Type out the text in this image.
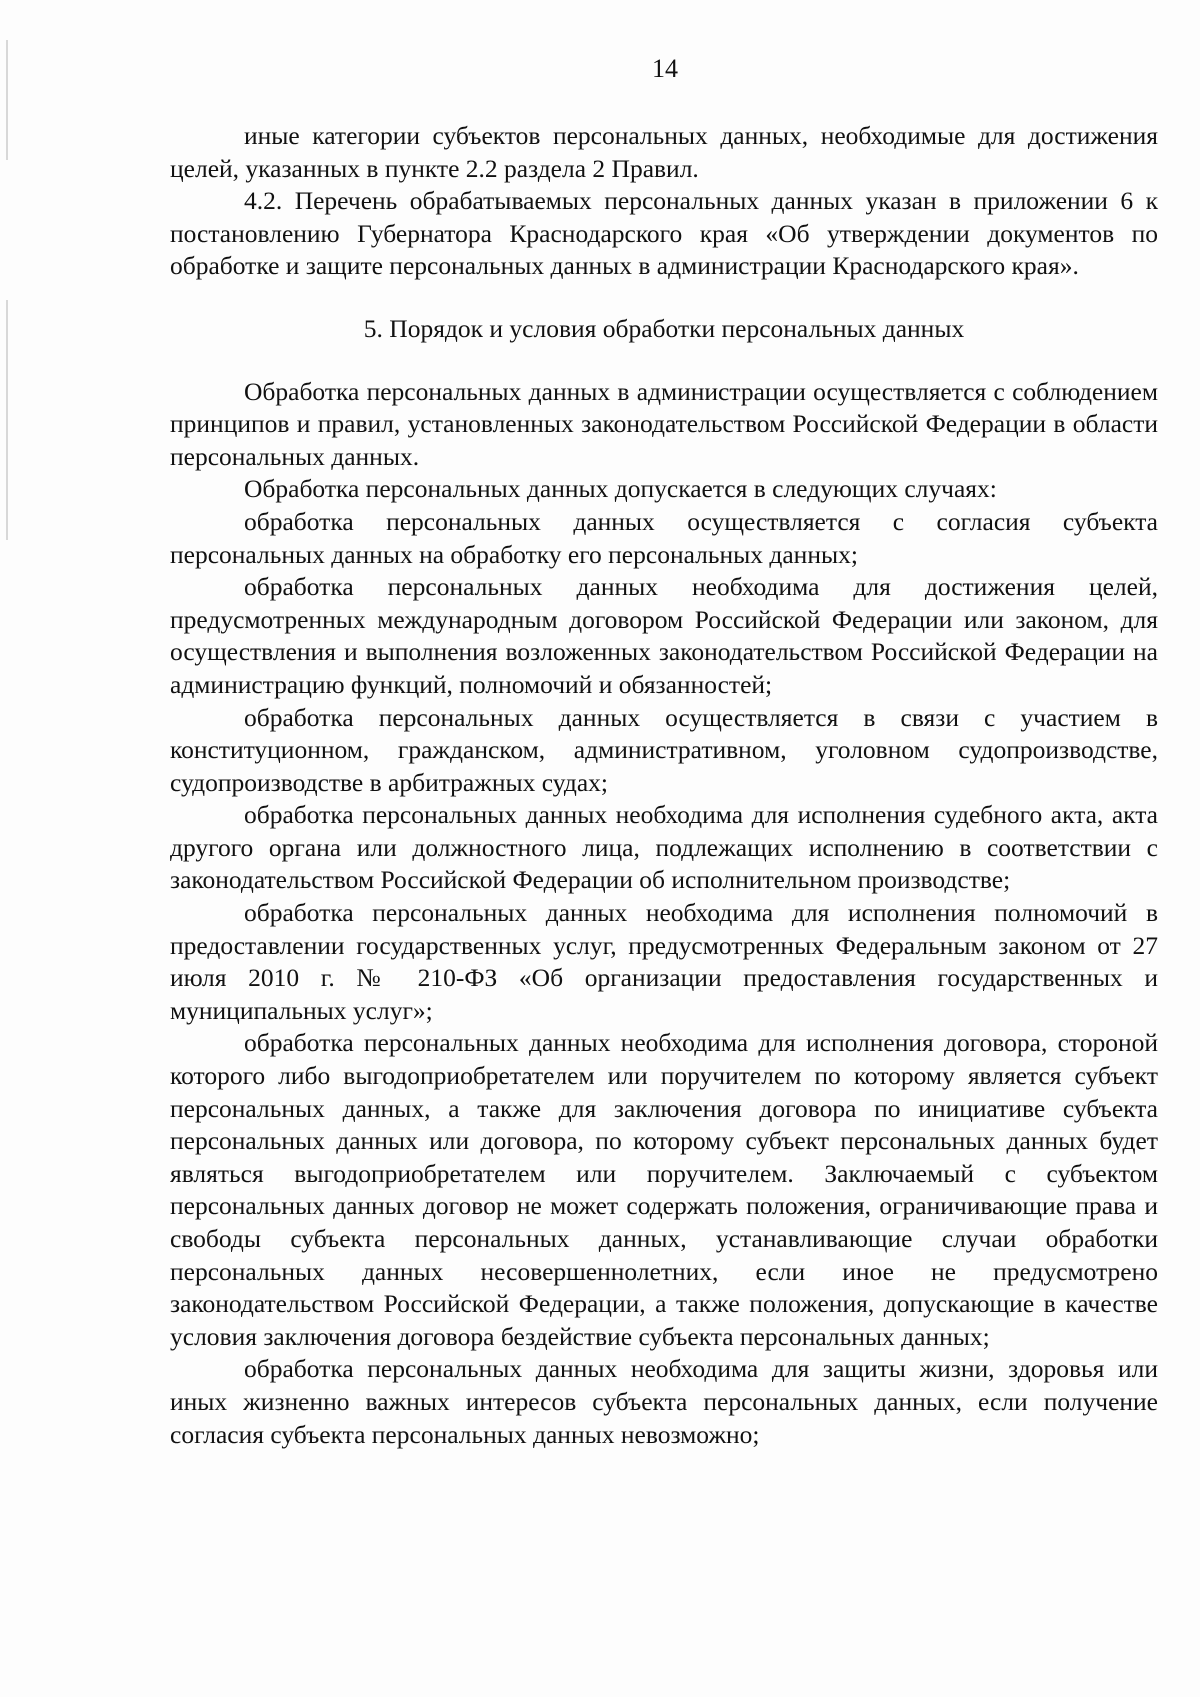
14

иные категории субъектов персональных данных, необходимые для достижения целей, указанных в пункте 2.2 раздела 2 Правил.

4.2. Перечень обрабатываемых персональных данных указан в приложении 6 к постановлению Губернатора Краснодарского края «Об утверждении документов по обработке и защите персональных данных в администрации Краснодарского края».

5. Порядок и условия обработки персональных данных

Обработка персональных данных в администрации осуществляется с соблюдением принципов и правил, установленных законодательством Российской Федерации в области персональных данных.

Обработка персональных данных допускается в следующих случаях:

обработка персональных данных осуществляется с согласия субъекта персональных данных на обработку его персональных данных;

обработка персональных данных необходима для достижения целей, предусмотренных международным договором Российской Федерации или законом, для осуществления и выполнения возложенных законодательством Российской Федерации на администрацию функций, полномочий и обязанностей;

обработка персональных данных осуществляется в связи с участием в конституционном, гражданском, административном, уголовном судопроизводстве, судопроизводстве в арбитражных судах;

обработка персональных данных необходима для исполнения судебного акта, акта другого органа или должностного лица, подлежащих исполнению в соответствии с законодательством Российской Федерации об исполнительном производстве;

обработка персональных данных необходима для исполнения полномочий в предоставлении государственных услуг, предусмотренных Федеральным законом от 27 июля 2010 г. № 210-ФЗ «Об организации предоставления государственных и муниципальных услуг»;

обработка персональных данных необходима для исполнения договора, стороной которого либо выгодоприобретателем или поручителем по которому является субъект персональных данных, а также для заключения договора по инициативе субъекта персональных данных или договора, по которому субъект персональных данных будет являться выгодоприобретателем или поручителем. Заключаемый с субъектом персональных данных договор не может содержать положения, ограничивающие права и свободы субъекта персональных данных, устанавливающие случаи обработки персональных данных несовершеннолетних, если иное не предусмотрено законодательством Российской Федерации, а также положения, допускающие в качестве условия заключения договора бездействие субъекта персональных данных;

обработка персональных данных необходима для защиты жизни, здоровья или иных жизненно важных интересов субъекта персональных данных, если получение согласия субъекта персональных данных невозможно;
